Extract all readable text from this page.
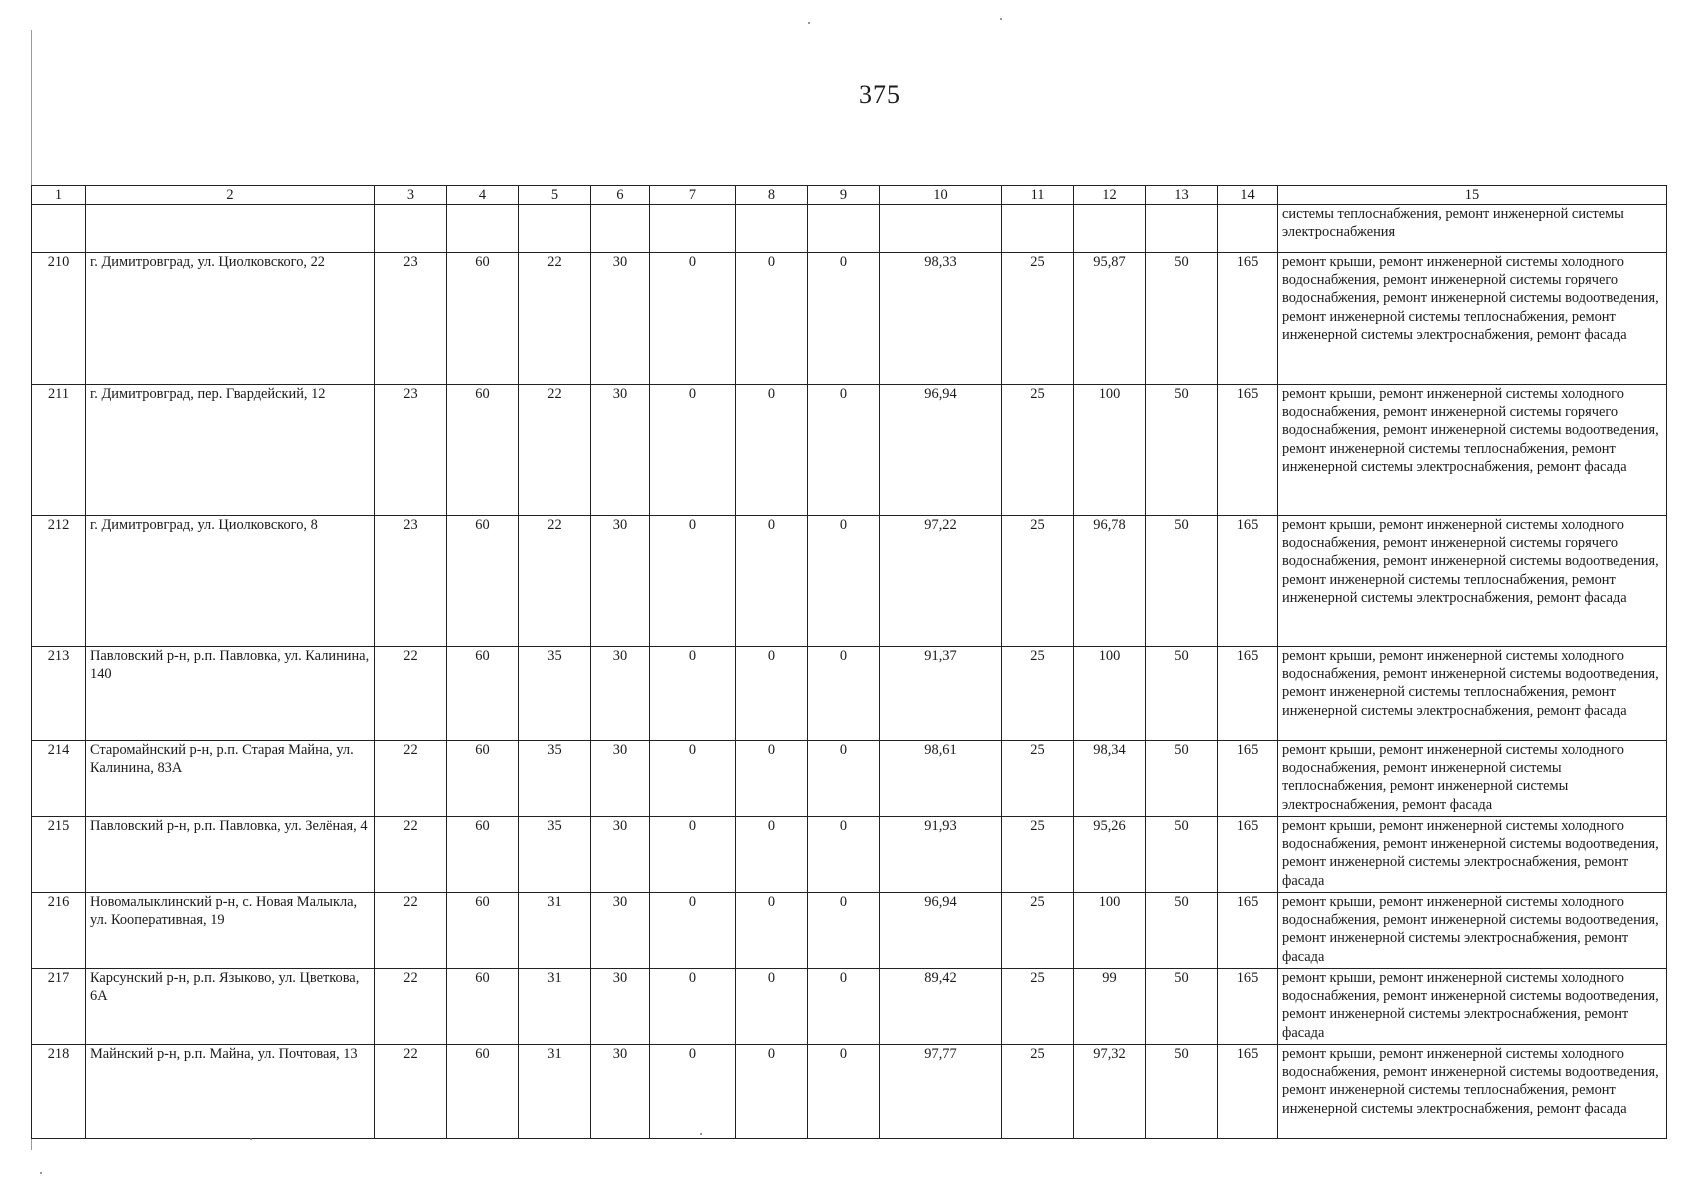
375
1	2	3	4	5	6	7	8	9	10	11	12	13	14	15
														системы теплоснабжения, ремонт инженерной системы электроснабжения
210	г. Димитровград, ул. Циолковского, 22	23	60	22	30	0	0	0	98,33	25	95,87	50	165	ремонт крыши, ремонт инженерной системы холодного водоснабжения, ремонт инженерной системы горячего водоснабжения, ремонт инженерной системы водоотведения, ремонт инженерной системы теплоснабжения, ремонт инженерной системы электроснабжения, ремонт фасада
211	г. Димитровград, пер. Гвардейский, 12	23	60	22	30	0	0	0	96,94	25	100	50	165	ремонт крыши, ремонт инженерной системы холодного водоснабжения, ремонт инженерной системы горячего водоснабжения, ремонт инженерной системы водоотведения, ремонт инженерной системы теплоснабжения, ремонт инженерной системы электроснабжения, ремонт фасада
212	г. Димитровград, ул. Циолковского, 8	23	60	22	30	0	0	0	97,22	25	96,78	50	165	ремонт крыши, ремонт инженерной системы холодного водоснабжения, ремонт инженерной системы горячего водоснабжения, ремонт инженерной системы водоотведения, ремонт инженерной системы теплоснабжения, ремонт инженерной системы электроснабжения, ремонт фасада
213	Павловский р-н, р.п. Павловка, ул. Калинина, 140	22	60	35	30	0	0	0	91,37	25	100	50	165	ремонт крыши, ремонт инженерной системы холодного водоснабжения, ремонт инженерной системы водоотведения, ремонт инженерной системы теплоснабжения, ремонт инженерной системы электроснабжения, ремонт фасада
214	Старомайнский р-н, р.п. Старая Майна, ул. Калинина, 83А	22	60	35	30	0	0	0	98,61	25	98,34	50	165	ремонт крыши, ремонт инженерной системы холодного водоснабжения, ремонт инженерной системы теплоснабжения, ремонт инженерной системы электроснабжения, ремонт фасада
215	Павловский р-н, р.п. Павловка, ул. Зелёная, 4	22	60	35	30	0	0	0	91,93	25	95,26	50	165	ремонт крыши, ремонт инженерной системы холодного водоснабжения, ремонт инженерной системы водоотведения, ремонт инженерной системы электроснабжения, ремонт фасада
216	Новомалыклинский р-н, с. Новая Малыкла, ул. Кооперативная, 19	22	60	31	30	0	0	0	96,94	25	100	50	165	ремонт крыши, ремонт инженерной системы холодного водоснабжения, ремонт инженерной системы водоотведения, ремонт инженерной системы электроснабжения, ремонт фасада
217	Карсунский р-н, р.п. Языково, ул. Цветкова, 6А	22	60	31	30	0	0	0	89,42	25	99	50	165	ремонт крыши, ремонт инженерной системы холодного водоснабжения, ремонт инженерной системы водоотведения, ремонт инженерной системы электроснабжения, ремонт фасада
218	Майнский р-н, р.п. Майна, ул. Почтовая, 13	22	60	31	30	0	0	0	97,77	25	97,32	50	165	ремонт крыши, ремонт инженерной системы холодного водоснабжения, ремонт инженерной системы водоотведения, ремонт инженерной системы теплоснабжения, ремонт инженерной системы электроснабжения, ремонт фасада
